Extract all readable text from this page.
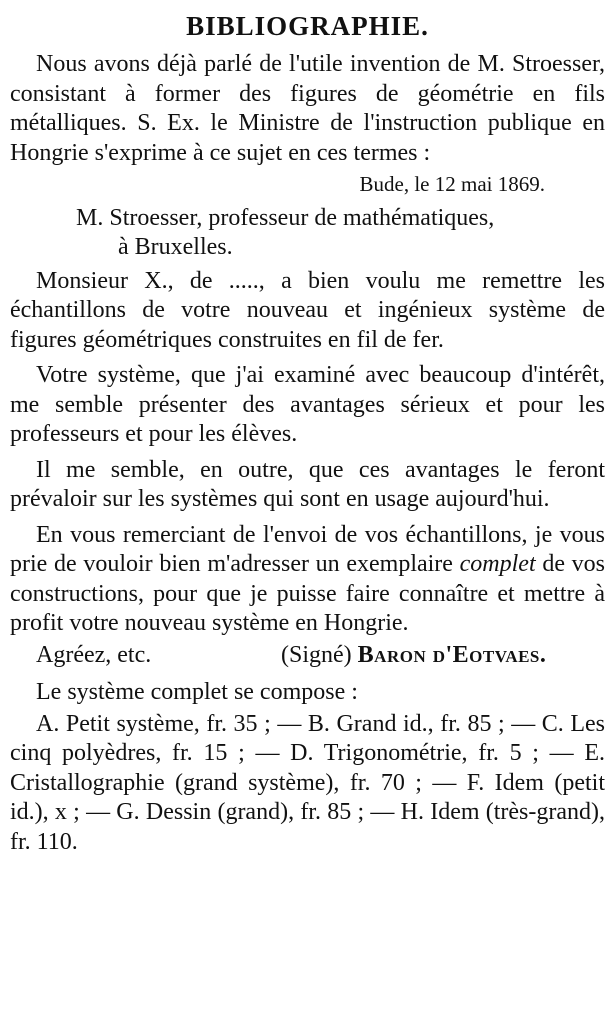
BIBLIOGRAPHIE.

Nous avons déjà parlé de l'utile invention de M. Stroesser, consistant à former des figures de géométrie en fils métalliques. S. Ex. le Ministre de l'instruction publique en Hongrie s'exprime à ce sujet en ces termes :

Bude, le 12 mai 1869.
M. Stroesser, professeur de mathématiques,
à Bruxelles.

Monsieur X., de ....., a bien voulu me remettre les échantillons de votre nouveau et ingénieux système de figures géométriques construites en fil de fer.

Votre système, que j'ai examiné avec beaucoup d'intérêt, me semble présenter des avantages sérieux et pour les professeurs et pour les élèves.

Il me semble, en outre, que ces avantages le feront prévaloir sur les systèmes qui sont en usage aujourd'hui.

En vous remerciant de l'envoi de vos échantillons, je vous prie de vouloir bien m'adresser un exemplaire complet de vos constructions, pour que je puisse faire connaître et mettre à profit votre nouveau système en Hongrie.

Agréez, etc.	(Signé) Baron d'Eotvaes.
Le système complet se compose :

A. Petit système, fr. 35 ; — B. Grand id., fr. 85 ; — C. Les cinq polyèdres, fr. 15 ; — D. Trigonométrie, fr. 5 ; — E. Cristallographie (grand système), fr. 70 ; — F. Idem (petit id.), x ; — G. Dessin (grand), fr. 85 ; — H. Idem (très-grand), fr. 110.
